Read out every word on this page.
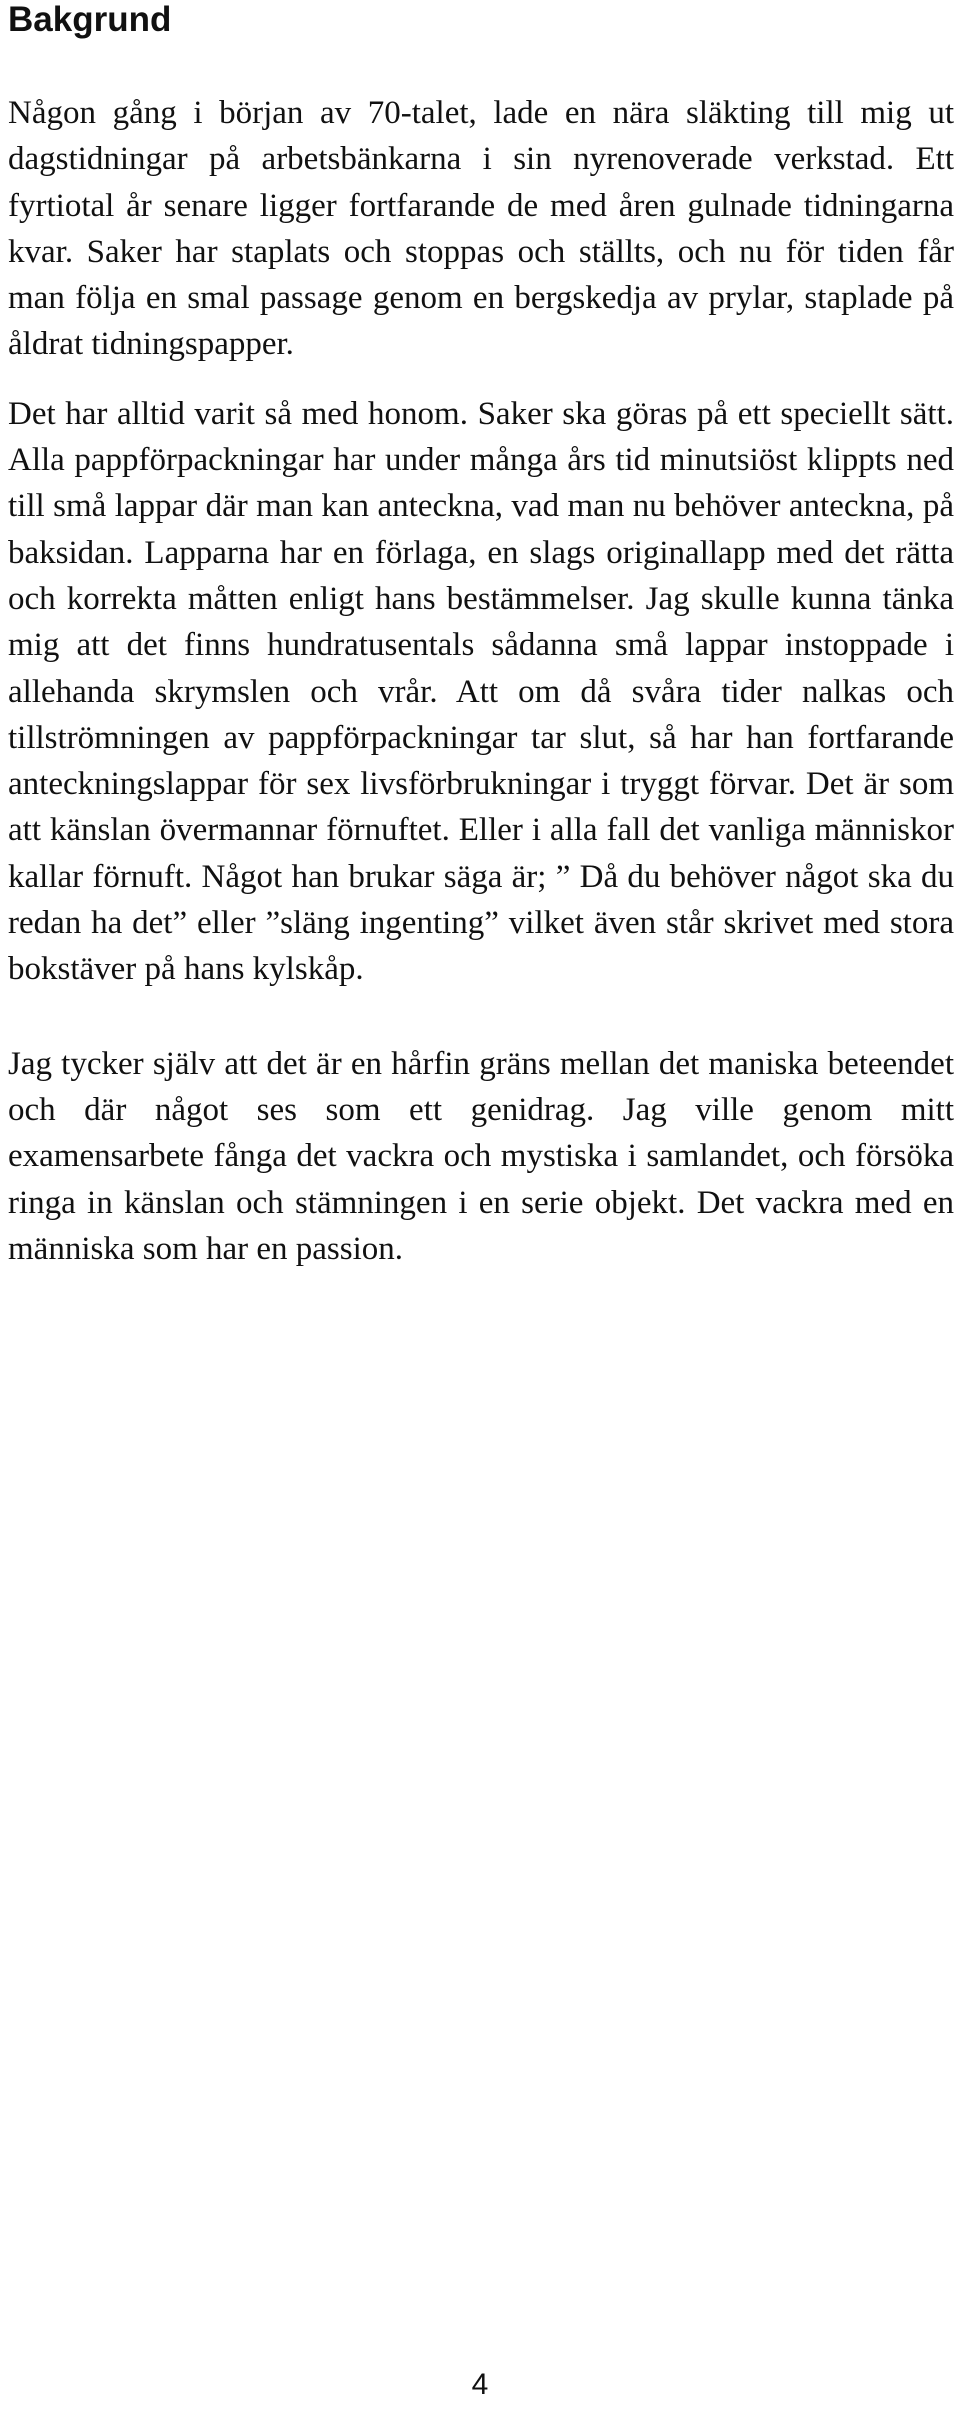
Bakgrund

Någon gång i början av 70-talet, lade en nära släkting till mig ut dagstidningar på arbetsbänkarna i sin nyrenoverade verkstad. Ett fyrtiotal år senare ligger fortfarande de med åren gulnade tidningarna kvar. Saker har staplats och stoppas och ställts, och nu för tiden får man följa en smal passage genom en bergskedja av prylar, staplade på åldrat tidningspapper.

Det har alltid varit så med honom. Saker ska göras på ett speciellt sätt. Alla pappförpackningar har under många års tid minutsiöst klippts ned till små lappar där man kan anteckna, vad man nu behöver anteckna, på baksidan. Lapparna har en förlaga, en slags originallapp med det rätta och korrekta måtten enligt hans bestämmelser. Jag skulle kunna tänka mig att det finns hundratusentals sådanna små lappar instoppade i allehanda skrymslen och vrår. Att om då svåra tider nalkas och tillströmningen av pappförpackningar tar slut, så har han fortfarande anteckningslappar för sex livsförbrukningar i tryggt förvar. Det är som att känslan övermannar förnuftet. Eller i alla fall det vanliga människor kallar förnuft. Något han brukar säga är; ” Då du behöver något ska du redan ha det” eller ”släng ingenting” vilket även står skrivet med stora bokstäver på hans kylskåp.

Jag tycker själv att det är en hårfin gräns mellan det maniska beteendet och där något ses som ett genidrag. Jag ville genom mitt examensarbete fånga det vackra och mystiska i samlandet, och försöka ringa in känslan och stämningen i en serie objekt. Det vackra med en människa som har en passion.

4
